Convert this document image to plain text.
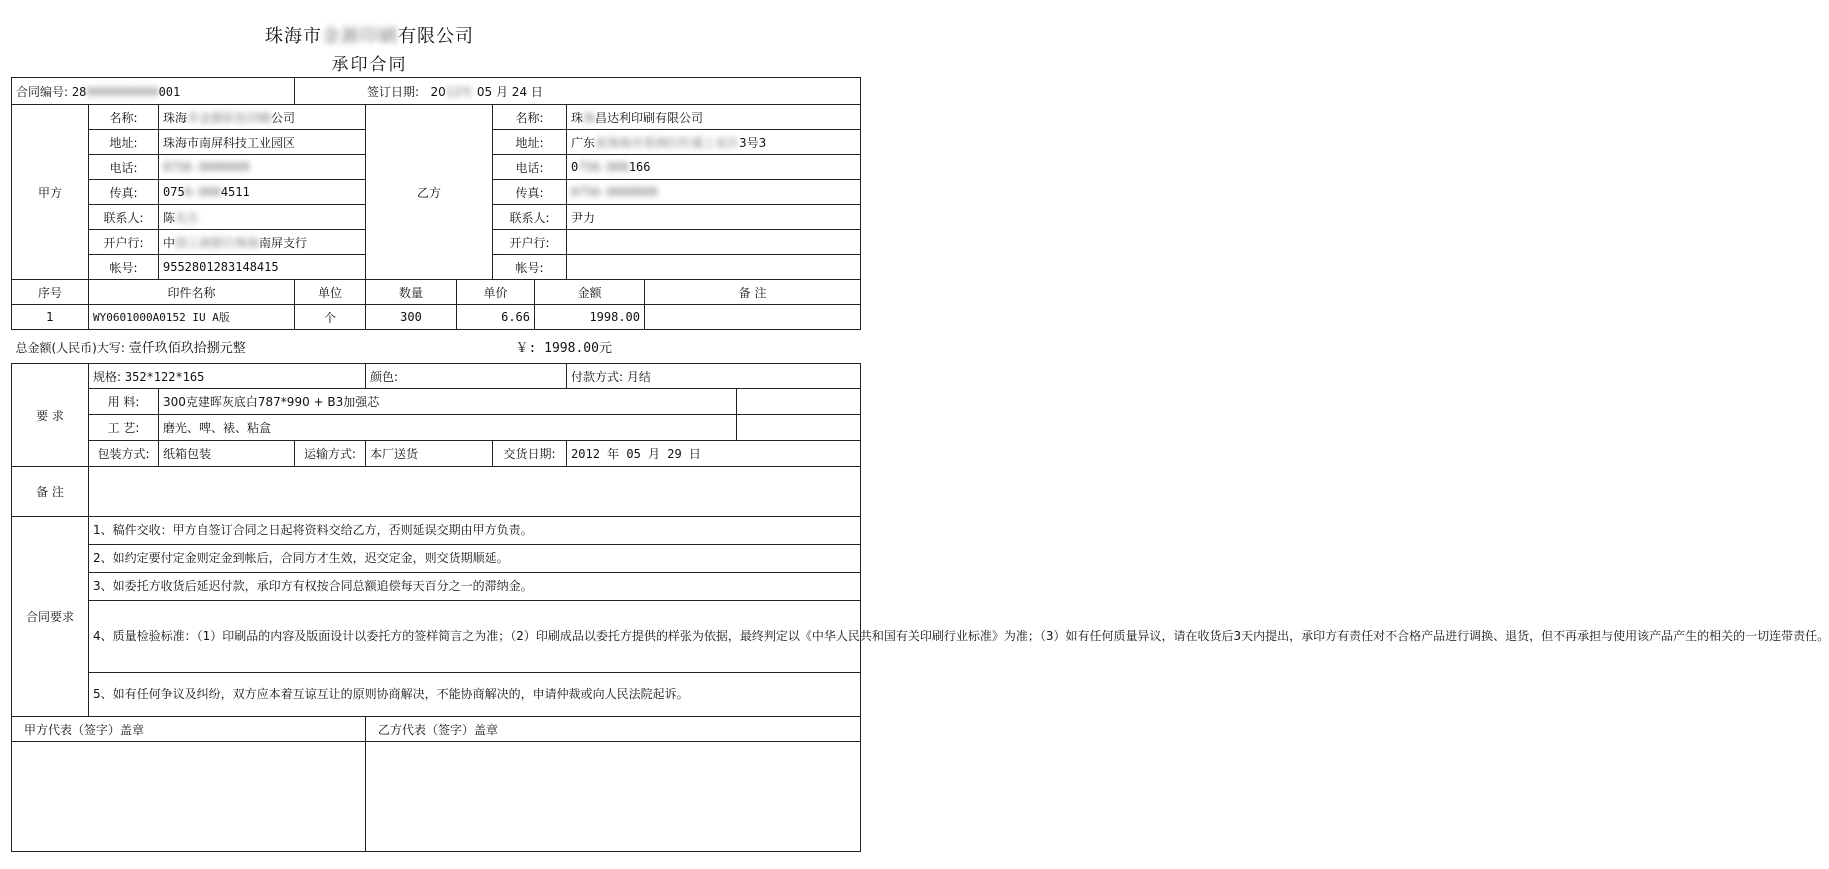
珠海市金源印刷有限公司
承印合同
合同编号: 280000000000001			签订日期: 2012年 05 月 24 日							
甲方	名称:	珠海市金源彩色印刷公司		乙方		名称:		珠海昌达利印刷有限公司		
	地址:	珠海市南屏科技工业园区				地址:		广东省珠海市香洲区柠溪工业区3号3		
	电话:	0756-8888888				电话:		0756-888166		
	传真:	0756-8884511				传真:		0756-8888888		
	联系人:	陈先生				联系人:		尹力		
	开户行:	中国工商银行珠海南屏支行				开户行:				
	帐号:	9552801283148415				帐号:				
序号	印件名称		单位	数量	单价		金额		备 注	
1	WY0601000A0152 IU A版		个	300	6.66		1998.00			
总金额(人民币)大写: 壹仟玖佰玖拾捌元整 ￥: 1998.00元										

要 求	规格: 352*122*165			颜色:				付款方式: 月结		
	用 料:	300克建晖灰底白787*990 + B3加强芯								
	工 艺:	磨光、啤、裱、粘盒								
	包装方式:	纸箱包装	运输方式:	本厂送货		交货日期:		2012 年 05 月 29 日		
备 注										
合同要求	1、稿件交收：甲方自签订合同之日起将资料交给乙方，否则延误交期由甲方负责。									
	2、如约定要付定金则定金到帐后，合同方才生效，迟交定金，则交货期顺延。									
	3、如委托方收货后延迟付款，承印方有权按合同总额追偿每天百分之一的滞纳金。									
	4、质量检验标准：（1）印刷品的内容及版面设计以委托方的签样简言之为准；（2）印刷成品以委托方提供的样张为依据，最终判定以《中华人民共和国有关印刷行业标准》为准；（3）如有任何质量异议，请在收货后3天内提出，承印方有责任对不合格产品进行调换、退货，但不再承担与使用该产品产生的相关的一切连带责任。									
	5、如有任何争议及纠纷，双方应本着互谅互让的原则协商解决，不能协商解决的，申请仲裁或向人民法院起诉。									
甲方代表（签字）盖章				乙方代表（签字）盖章						
